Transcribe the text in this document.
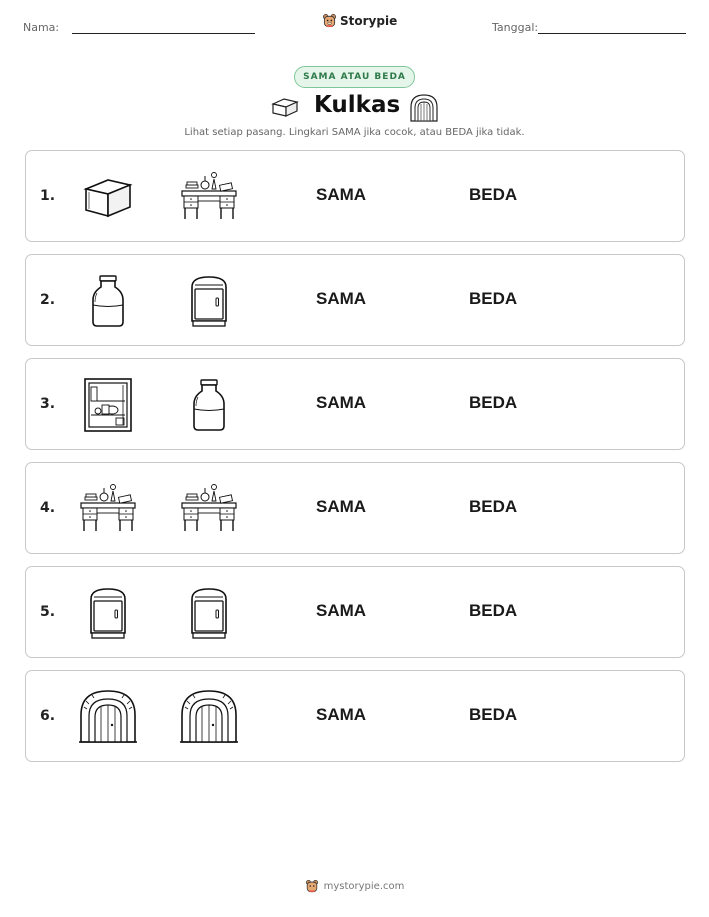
Nama:	Storypie	Tanggal:
SAMA ATAU BEDA
Kulkas
Lihat setiap pasang. Lingkari SAMA jika cocok, atau BEDA jika tidak.
1.	SAMA	BEDA
2.	SAMA	BEDA
3.	SAMA	BEDA
4.	SAMA	BEDA
5.	SAMA	BEDA
6.	SAMA	BEDA
mystorypie.com
